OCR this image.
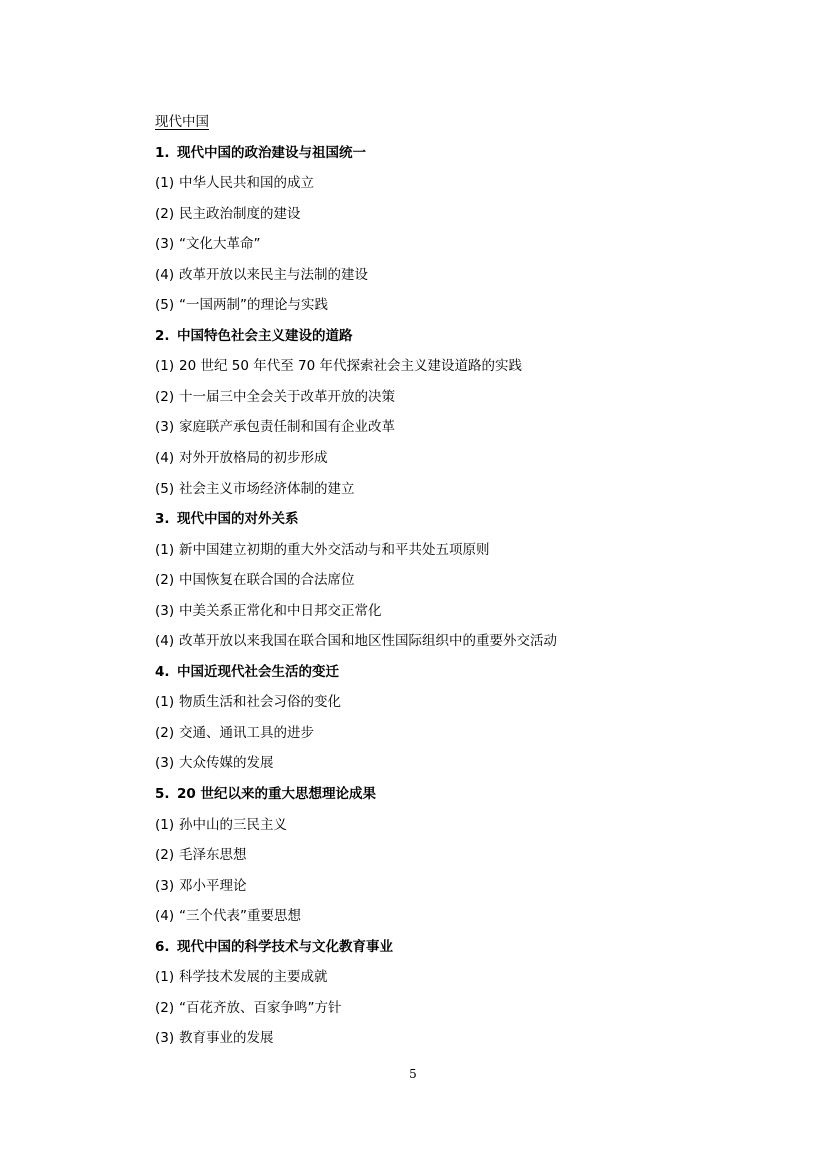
现代中国
1. 现代中国的政治建设与祖国统一
(1) 中华人民共和国的成立
(2) 民主政治制度的建设
(3) “文化大革命”
(4) 改革开放以来民主与法制的建设
(5) “一国两制”的理论与实践
2. 中国特色社会主义建设的道路
(1) 20 世纪 50 年代至 70 年代探索社会主义建设道路的实践
(2) 十一届三中全会关于改革开放的决策
(3) 家庭联产承包责任制和国有企业改革
(4) 对外开放格局的初步形成
(5) 社会主义市场经济体制的建立
3. 现代中国的对外关系
(1) 新中国建立初期的重大外交活动与和平共处五项原则
(2) 中国恢复在联合国的合法席位
(3) 中美关系正常化和中日邦交正常化
(4) 改革开放以来我国在联合国和地区性国际组织中的重要外交活动
4. 中国近现代社会生活的变迁
(1) 物质生活和社会习俗的变化
(2) 交通、通讯工具的进步
(3) 大众传媒的发展
5. 20 世纪以来的重大思想理论成果
(1) 孙中山的三民主义
(2) 毛泽东思想
(3) 邓小平理论
(4) “三个代表”重要思想
6. 现代中国的科学技术与文化教育事业
(1) 科学技术发展的主要成就
(2) “百花齐放、百家争鸣”方针
(3) 教育事业的发展
5
